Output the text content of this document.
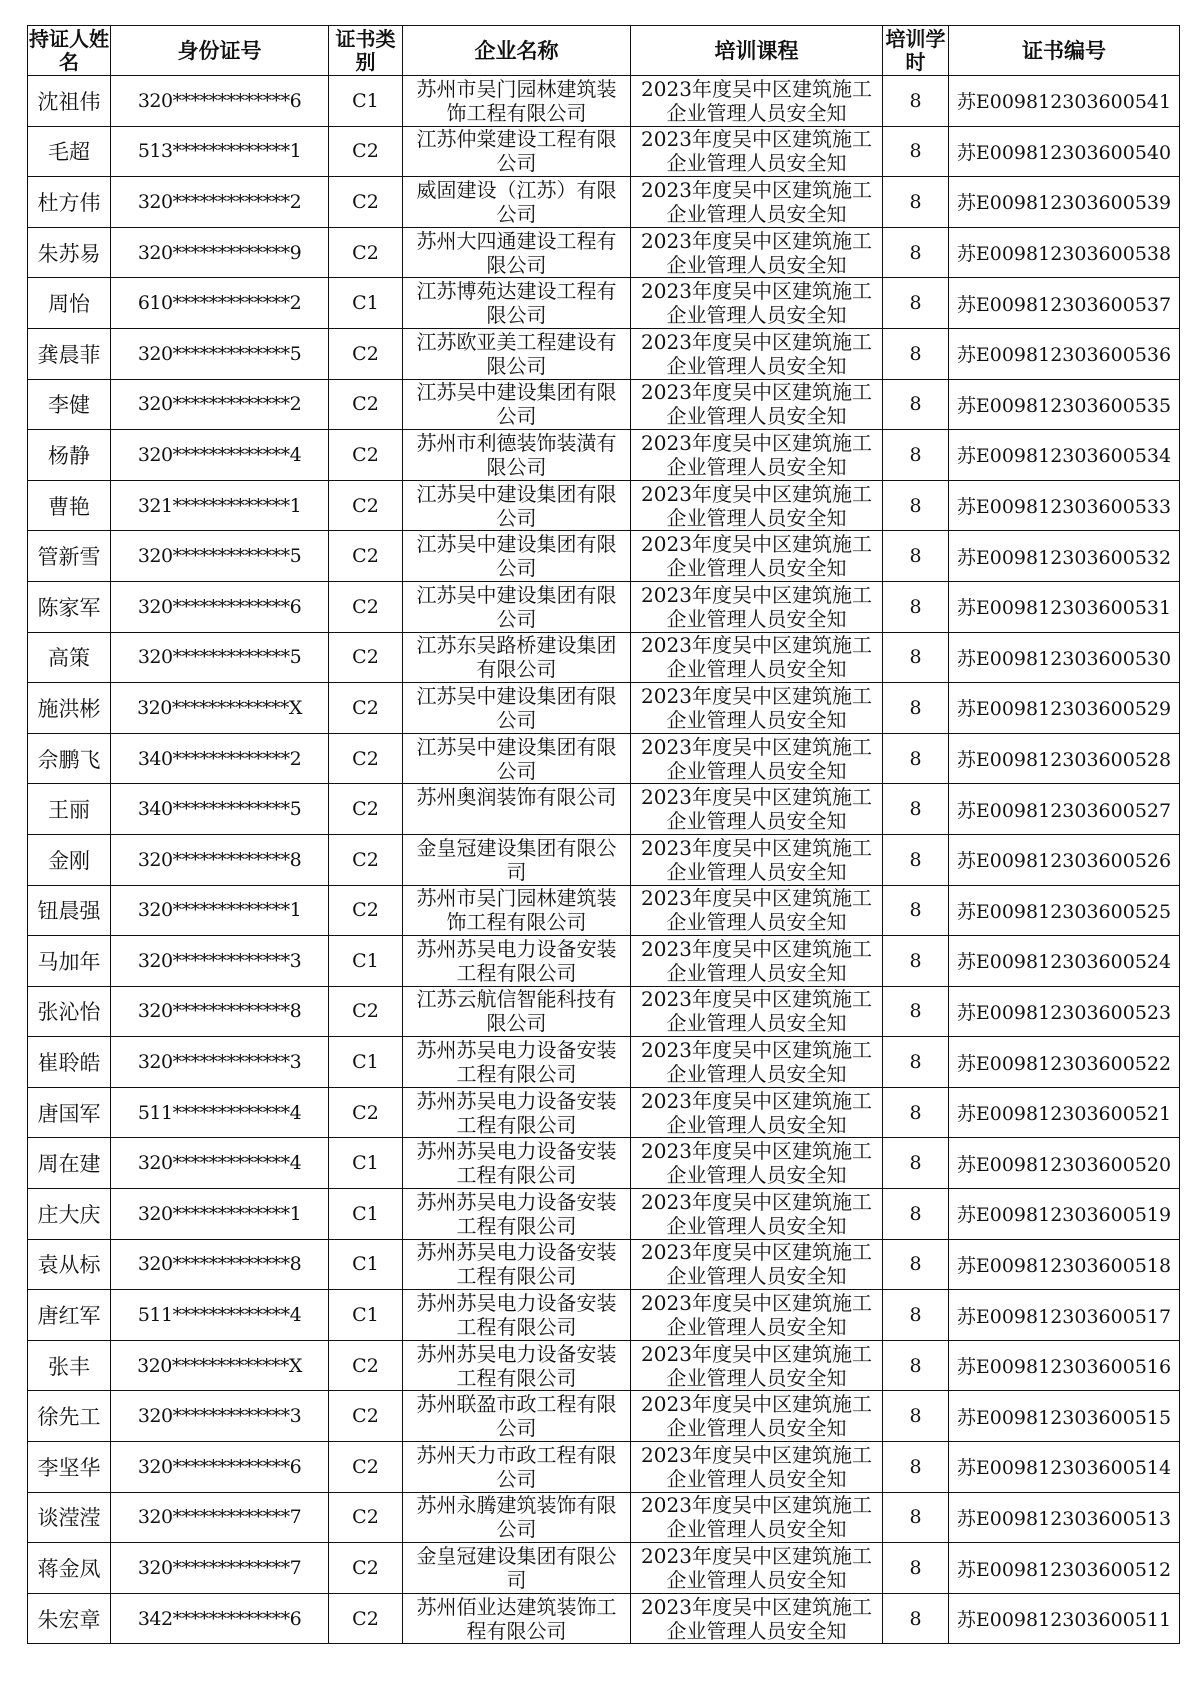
持证人姓名	身份证号	证书类别	企业名称	培训课程	培训学时	证书编号
沈祖伟	320*************6	C1	苏州市吴门园林建筑装饰工程有限公司	2023年度吴中区建筑施工企业管理人员安全知	8	苏E009812303600541
毛超	513*************1	C2	江苏仲棠建设工程有限公司	2023年度吴中区建筑施工企业管理人员安全知	8	苏E009812303600540
杜方伟	320*************2	C2	威固建设（江苏）有限公司	2023年度吴中区建筑施工企业管理人员安全知	8	苏E009812303600539
朱苏易	320*************9	C2	苏州大四通建设工程有限公司	2023年度吴中区建筑施工企业管理人员安全知	8	苏E009812303600538
周怡	610*************2	C1	江苏博苑达建设工程有限公司	2023年度吴中区建筑施工企业管理人员安全知	8	苏E009812303600537
龚晨菲	320*************5	C2	江苏欧亚美工程建设有限公司	2023年度吴中区建筑施工企业管理人员安全知	8	苏E009812303600536
李健	320*************2	C2	江苏吴中建设集团有限公司	2023年度吴中区建筑施工企业管理人员安全知	8	苏E009812303600535
杨静	320*************4	C2	苏州市利德装饰装潢有限公司	2023年度吴中区建筑施工企业管理人员安全知	8	苏E009812303600534
曹艳	321*************1	C2	江苏吴中建设集团有限公司	2023年度吴中区建筑施工企业管理人员安全知	8	苏E009812303600533
管新雪	320*************5	C2	江苏吴中建设集团有限公司	2023年度吴中区建筑施工企业管理人员安全知	8	苏E009812303600532
陈家军	320*************6	C2	江苏吴中建设集团有限公司	2023年度吴中区建筑施工企业管理人员安全知	8	苏E009812303600531
高策	320*************5	C2	江苏东吴路桥建设集团有限公司	2023年度吴中区建筑施工企业管理人员安全知	8	苏E009812303600530
施洪彬	320*************X	C2	江苏吴中建设集团有限公司	2023年度吴中区建筑施工企业管理人员安全知	8	苏E009812303600529
佘鹏飞	340*************2	C2	江苏吴中建设集团有限公司	2023年度吴中区建筑施工企业管理人员安全知	8	苏E009812303600528
王丽	340*************5	C2	苏州奥润装饰有限公司	2023年度吴中区建筑施工企业管理人员安全知	8	苏E009812303600527
金刚	320*************8	C2	金皇冠建设集团有限公司	2023年度吴中区建筑施工企业管理人员安全知	8	苏E009812303600526
钮晨强	320*************1	C2	苏州市吴门园林建筑装饰工程有限公司	2023年度吴中区建筑施工企业管理人员安全知	8	苏E009812303600525
马加年	320*************3	C1	苏州苏吴电力设备安装工程有限公司	2023年度吴中区建筑施工企业管理人员安全知	8	苏E009812303600524
张沁怡	320*************8	C2	江苏云航信智能科技有限公司	2023年度吴中区建筑施工企业管理人员安全知	8	苏E009812303600523
崔聆皓	320*************3	C1	苏州苏吴电力设备安装工程有限公司	2023年度吴中区建筑施工企业管理人员安全知	8	苏E009812303600522
唐国军	511*************4	C2	苏州苏吴电力设备安装工程有限公司	2023年度吴中区建筑施工企业管理人员安全知	8	苏E009812303600521
周在建	320*************4	C1	苏州苏吴电力设备安装工程有限公司	2023年度吴中区建筑施工企业管理人员安全知	8	苏E009812303600520
庄大庆	320*************1	C1	苏州苏吴电力设备安装工程有限公司	2023年度吴中区建筑施工企业管理人员安全知	8	苏E009812303600519
袁从标	320*************8	C1	苏州苏吴电力设备安装工程有限公司	2023年度吴中区建筑施工企业管理人员安全知	8	苏E009812303600518
唐红军	511*************4	C1	苏州苏吴电力设备安装工程有限公司	2023年度吴中区建筑施工企业管理人员安全知	8	苏E009812303600517
张丰	320*************X	C2	苏州苏吴电力设备安装工程有限公司	2023年度吴中区建筑施工企业管理人员安全知	8	苏E009812303600516
徐先工	320*************3	C2	苏州联盈市政工程有限公司	2023年度吴中区建筑施工企业管理人员安全知	8	苏E009812303600515
李坚华	320*************6	C2	苏州天力市政工程有限公司	2023年度吴中区建筑施工企业管理人员安全知	8	苏E009812303600514
谈滢滢	320*************7	C2	苏州永腾建筑装饰有限公司	2023年度吴中区建筑施工企业管理人员安全知	8	苏E009812303600513
蒋金凤	320*************7	C2	金皇冠建设集团有限公司	2023年度吴中区建筑施工企业管理人员安全知	8	苏E009812303600512
朱宏章	342*************6	C2	苏州佰业达建筑装饰工程有限公司	2023年度吴中区建筑施工企业管理人员安全知	8	苏E009812303600511
